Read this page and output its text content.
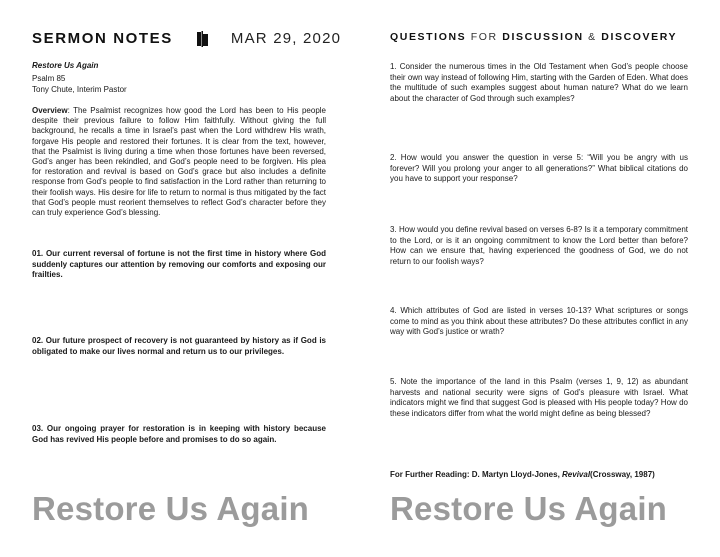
SERMON NOTES	MAR 29, 2020
Restore Us Again
Psalm 85
Tony Chute, Interim Pastor
Overview: The Psalmist recognizes how good the Lord has been to His people despite their previous failure to follow Him faithfully. Without giving the full background, he recalls a time in Israel’s past when the Lord withdrew His wrath, forgave His people and restored their fortunes. It is clear from the text, however, that the Psalmist is living during a time when those fortunes have been reversed, God’s anger has been rekindled, and God’s people need to be forgiven. His plea for restoration and revival is based on God’s grace but also includes a definite response from God’s people to find satisfaction in the Lord rather than returning to their foolish ways. His desire for life to return to normal is thus mitigated by the fact that God’s people must reorient themselves to reflect God’s character before they can truly experience God’s blessing.
01. Our current reversal of fortune is not the first time in history where God suddenly captures our attention by removing our comforts and exposing our frailties.
02. Our future prospect of recovery is not guaranteed by history as if God is obligated to make our lives normal and return us to our privileges.
03. Our ongoing prayer for restoration is in keeping with history because God has revived His people before and promises to do so again.
Restore Us Again
QUESTIONS FOR DISCUSSION & DISCOVERY
1. Consider the numerous times in the Old Testament when God’s people choose their own way instead of following Him, starting with the Garden of Eden. What does the multitude of such examples suggest about human nature? What do we learn about the character of God through such examples?
2. How would you answer the question in verse 5: “Will you be angry with us forever? Will you prolong your anger to all generations?” What biblical citations do you have to support your response?
3. How would you define revival based on verses 6-8? Is it a temporary commitment to the Lord, or is it an ongoing commitment to know the Lord better than before? How can we ensure that, having experienced the goodness of God, we do not return to our foolish ways?
4. Which attributes of God are listed in verses 10-13? What scriptures or songs come to mind as you think about these attributes? Do these attributes conflict in any way with God’s justice or wrath?
5. Note the importance of the land in this Psalm (verses 1, 9, 12) as abundant harvests and national security were signs of God’s pleasure with Israel. What indicators might we find that suggest God is pleased with His people today? How do these indicators differ from what the world might define as being blessed?
For Further Reading: D. Martyn Lloyd-Jones, Revival(Crossway, 1987)
Restore Us Again
